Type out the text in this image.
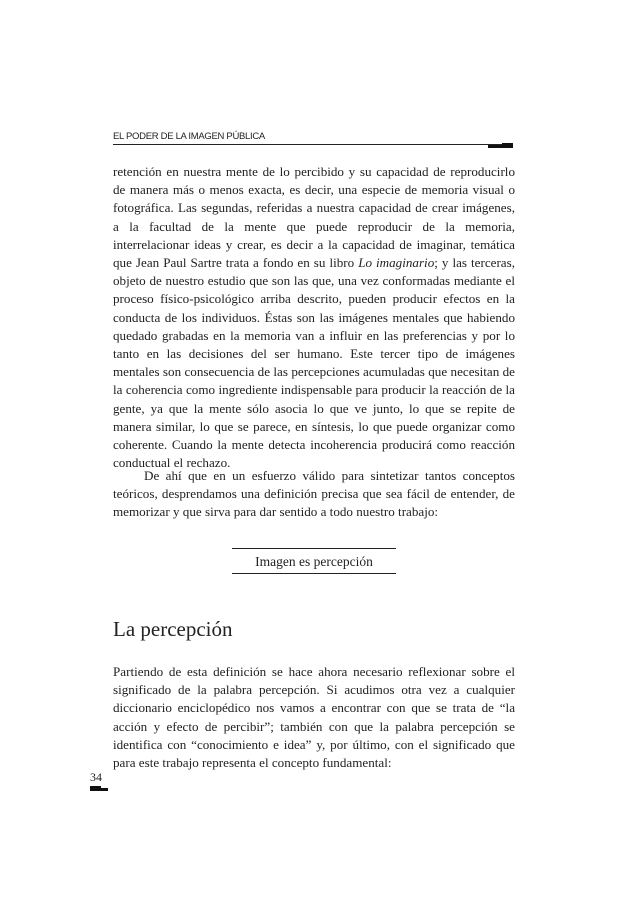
EL PODER DE LA IMAGEN PÚBLICA
retención en nuestra mente de lo percibido y su capacidad de reproducirlo de manera más o menos exacta, es decir, una especie de memoria visual o fotográfica. Las segundas, referidas a nuestra capacidad de crear imágenes, a la facultad de la mente que puede reproducir de la memoria, interrelacionar ideas y crear, es decir a la capacidad de imaginar, temática que Jean Paul Sartre trata a fondo en su libro Lo imaginario; y las terceras, objeto de nuestro estudio que son las que, una vez conformadas mediante el proceso físico-psicológico arriba descrito, pueden producir efectos en la conducta de los individuos. Éstas son las imágenes mentales que habiendo quedado grabadas en la memoria van a influir en las preferencias y por lo tanto en las decisiones del ser humano. Este tercer tipo de imágenes mentales son consecuencia de las percepciones acumuladas que necesitan de la coherencia como ingrediente indispensable para producir la reacción de la gente, ya que la mente sólo asocia lo que ve junto, lo que se repite de manera similar, lo que se parece, en síntesis, lo que puede organizar como coherente. Cuando la mente detecta incoherencia producirá como reacción conductual el rechazo.
De ahí que en un esfuerzo válido para sintetizar tantos conceptos teóricos, desprendamos una definición precisa que sea fácil de entender, de memorizar y que sirva para dar sentido a todo nuestro trabajo:
Imagen es percepción
La percepción
Partiendo de esta definición se hace ahora necesario reflexionar sobre el significado de la palabra percepción. Si acudimos otra vez a cualquier diccionario enciclopédico nos vamos a encontrar con que se trata de “la acción y efecto de percibir”; también con que la palabra percepción se identifica con “conocimiento e idea” y, por último, con el significado que para este trabajo representa el concepto fundamental:
34
